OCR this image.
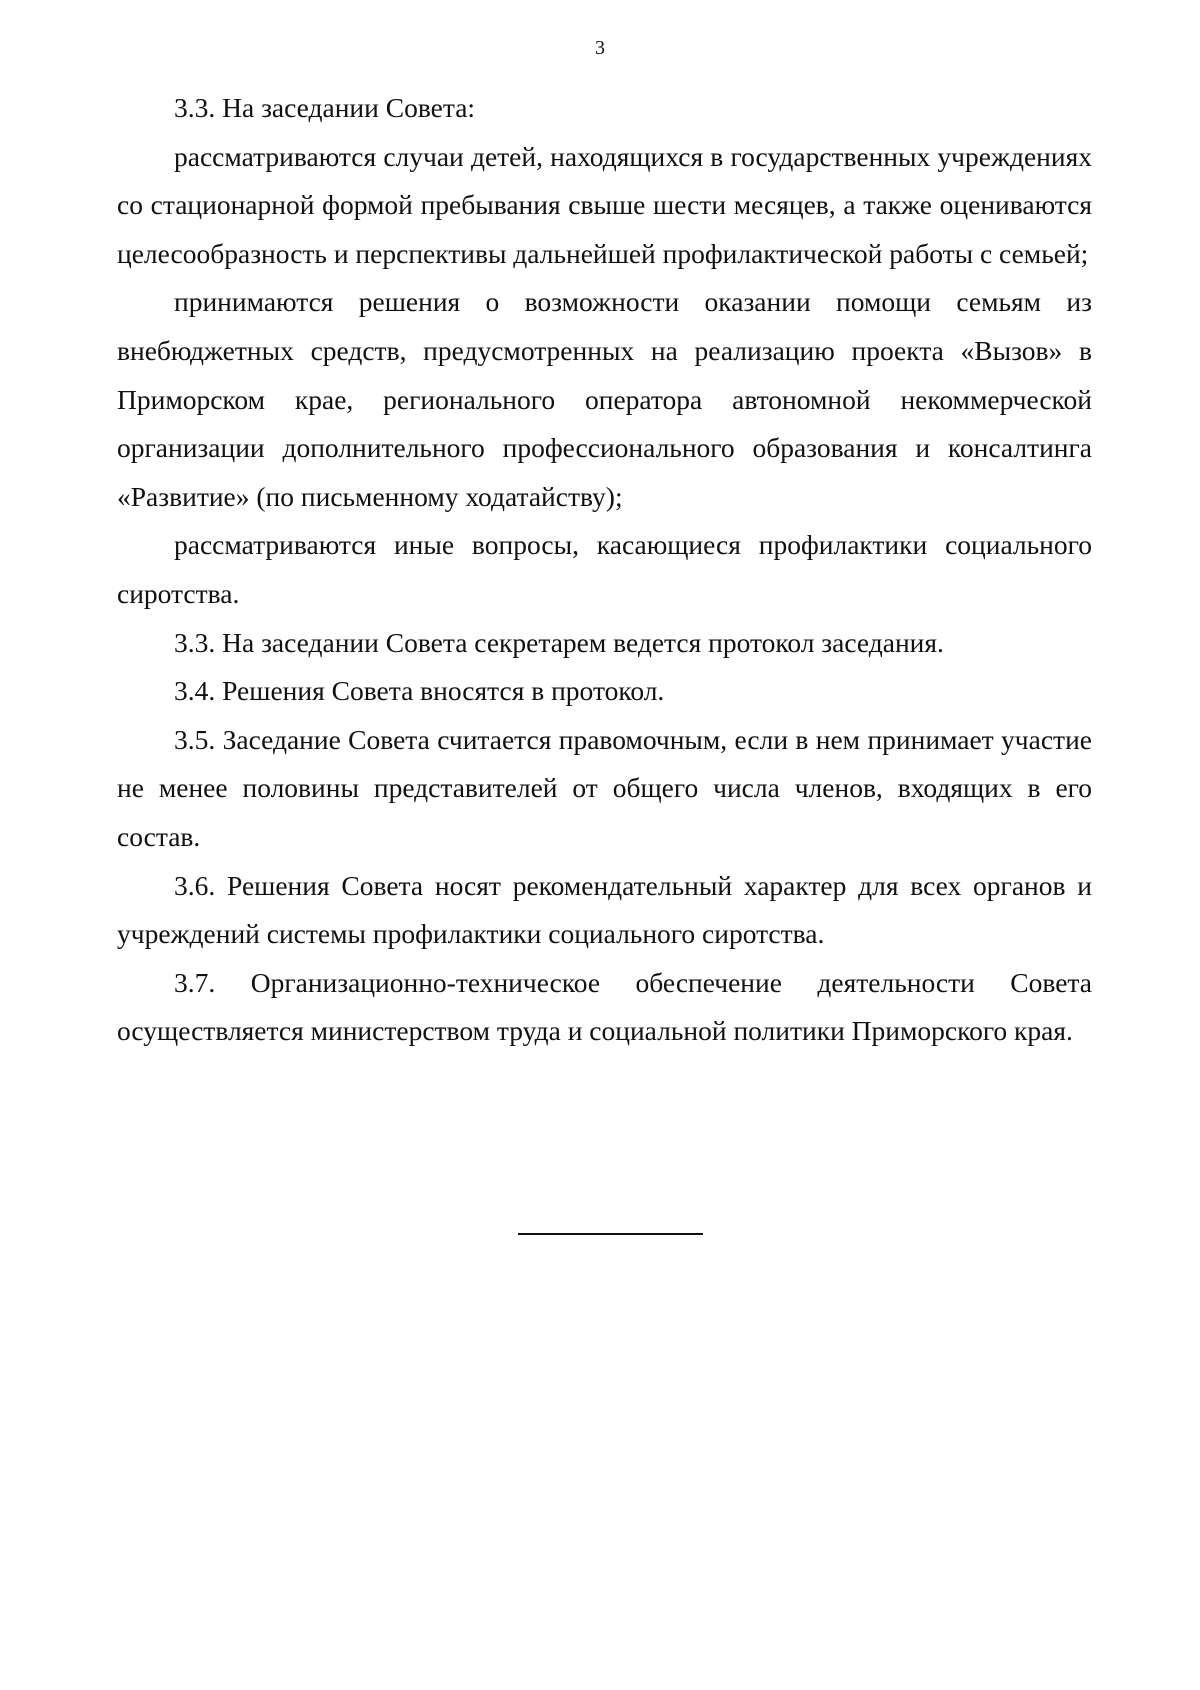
3

3.3. На заседании Совета:

рассматриваются случаи детей, находящихся в государственных учреждениях со стационарной формой пребывания свыше шести месяцев, а также оцениваются целесообразность и перспективы дальнейшей профилактической работы с семьей;

принимаются решения о возможности оказании помощи семьям из внебюджетных средств, предусмотренных на реализацию проекта «Вызов» в Приморском крае, регионального оператора автономной некоммерческой организации дополнительного профессионального образования и консалтинга «Развитие» (по письменному ходатайству);

рассматриваются иные вопросы, касающиеся профилактики социального сиротства.

3.3. На заседании Совета секретарем ведется протокол заседания.

3.4. Решения Совета вносятся в протокол.

3.5. Заседание Совета считается правомочным, если в нем принимает участие не менее половины представителей от общего числа членов, входящих в его состав.

3.6. Решения Совета носят рекомендательный характер для всех органов и учреждений системы профилактики социального сиротства.

3.7. Организационно-техническое обеспечение деятельности Совета осуществляется министерством труда и социальной политики Приморского края.
